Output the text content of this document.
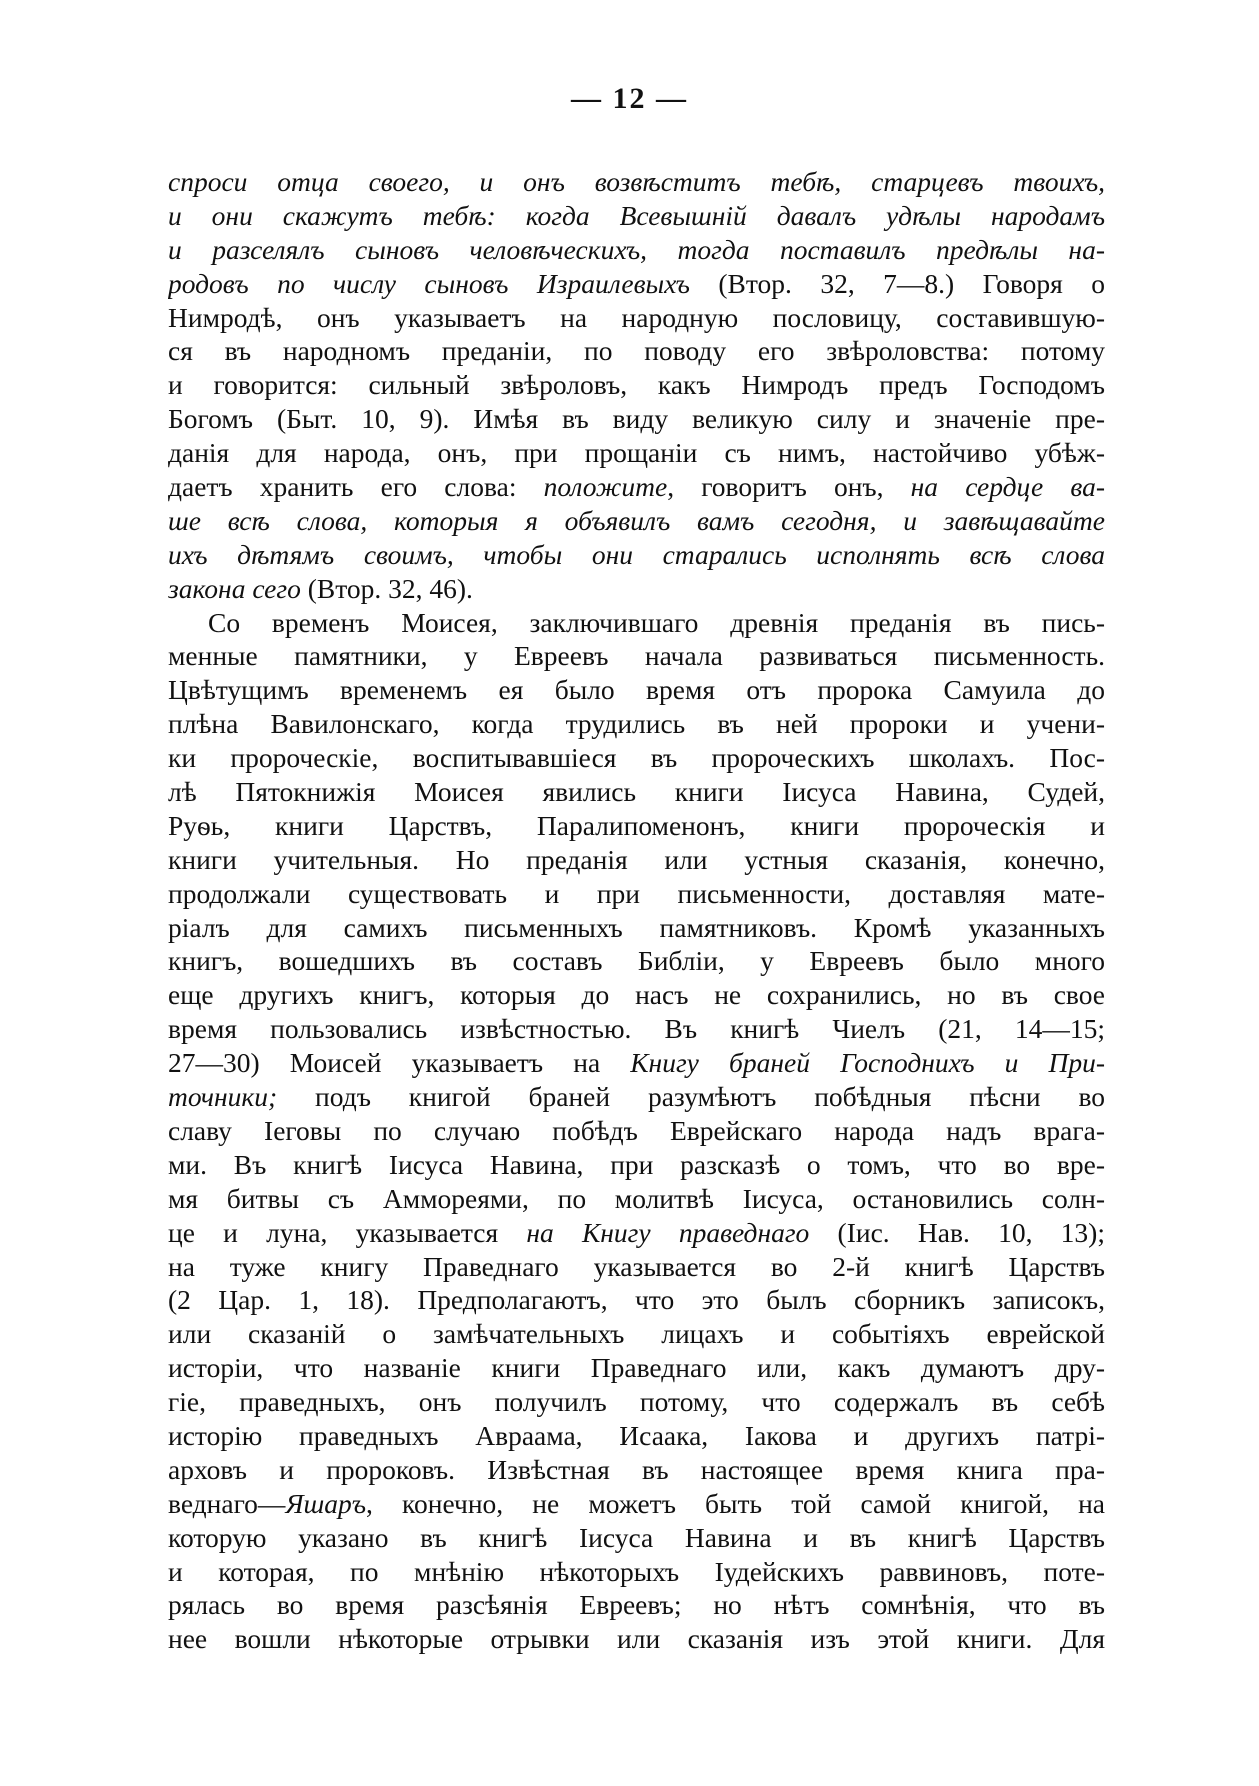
— 12 —
спроси отца своего, и онъ возвѣститъ тебѣ, старцевъ твоихъ,
и они скажутъ тебѣ: когда Всевышній давалъ удѣлы народамъ
и разселялъ сыновъ человѣческихъ, тогда поставилъ предѣлы на-
родовъ по числу сыновъ Израилевыхъ (Втор. 32, 7—8.) Говоря о
Нимродѣ, онъ указываетъ на народную пословицу, составившую-
ся въ народномъ преданіи, по поводу его звѣроловства: потому
и говорится: сильный звѣроловъ, какъ Нимродъ предъ Господомъ
Богомъ (Быт. 10, 9). Имѣя въ виду великую силу и значеніе пре-
данія для народа, онъ, при прощаніи съ нимъ, настойчиво убѣж-
даетъ хранить его слова: положите, говоритъ онъ, на сердце ва-
ше всѣ слова, которыя я объявилъ вамъ сегодня, и завѣщавайте
ихъ дѣтямъ своимъ, чтобы они старались исполнять всѣ слова
закона сего (Втор. 32, 46).
Со временъ Моисея, заключившаго древнія преданія въ пись-
менные памятники, у Евреевъ начала развиваться письменность.
Цвѣтущимъ временемъ ея было время отъ пророка Самуила до
плѣна Вавилонскаго, когда трудились въ ней пророки и учени-
ки пророческіе, воспитывавшіеся въ пророческихъ школахъ. Пос-
лѣ Пятокнижія Моисея явились книги Іисуса Навина, Судей,
Руѳь, книги Царствъ, Паралипоменонъ, книги пророческія и
книги учительныя. Но преданія или устныя сказанія, конечно,
продолжали существовать и при письменности, доставляя мате-
ріалъ для самихъ письменныхъ памятниковъ. Кромѣ указанныхъ
книгъ, вошедшихъ въ составъ Библіи, у Евреевъ было много
еще другихъ книгъ, которыя до насъ не сохранились, но въ свое
время пользовались извѣстностью. Въ книгѣ Чиелъ (21, 14—15;
27—30) Моисей указываетъ на Книгу браней Господнихъ и При-
точники; подъ книгой браней разумѣютъ побѣдныя пѣсни во
славу Іеговы по случаю побѣдъ Еврейскаго народа надъ врага-
ми. Въ книгѣ Іисуса Навина, при разсказѣ о томъ, что во вре-
мя битвы съ Аммореями, по молитвѣ Іисуса, остановились солн-
це и луна, указывается на Книгу праведнаго (Іис. Нав. 10, 13);
на туже книгу Праведнаго указывается во 2-й книгѣ Царствъ
(2 Цар. 1, 18). Предполагаютъ, что это былъ сборникъ записокъ,
или сказаній о замѣчательныхъ лицахъ и событіяхъ еврейской
исторіи, что названіе книги Праведнаго или, какъ думаютъ дру-
гіе, праведныхъ, онъ получилъ потому, что содержалъ въ себѣ
исторію праведныхъ Авраама, Исаака, Іакова и другихъ патрі-
арховъ и пророковъ. Извѣстная въ настоящее время книга пра-
веднаго—Яшаръ, конечно, не можетъ быть той самой книгой, на
которую указано въ книгѣ Іисуса Навина и въ книгѣ Царствъ
и которая, по мнѣнію нѣкоторыхъ Іудейскихъ раввиновъ, поте-
рялась во время разсѣянія Евреевъ; но нѣтъ сомнѣнія, что въ
нее вошли нѣкоторые отрывки или сказанія изъ этой книги. Для
